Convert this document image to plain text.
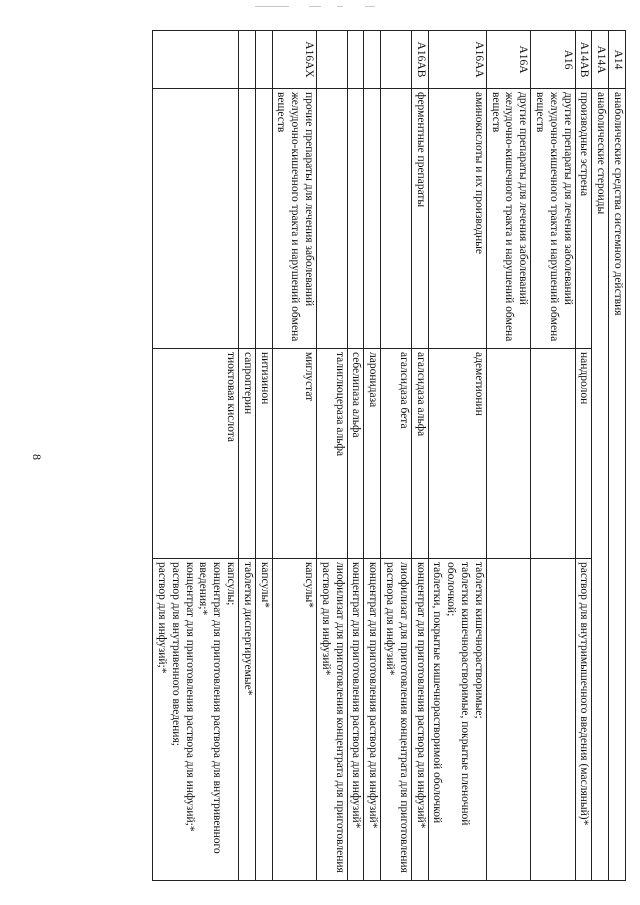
8
A14	анаболические средства системного действия		
A14A	анаболические стероиды		
A14AB	производные эстрена	нандролон	раствор для внутримышечного введения (масляный)*
A16	другие препараты для лечения заболеваний желудочно-кишечного тракта и нарушений обмена веществ		
A16A	другие препараты для лечения заболеваний желудочно-кишечного тракта и нарушений обмена веществ		
A16AA	аминокислоты и их производные	адеметионин	таблетки кишечнорастворимые;
таблетки кишечнорастворимые, покрытые пленочной оболочкой;
таблетки, покрытые кишечнорастворимой оболочкой
A16AB	ферментные препараты	агалсидаза альфа	концентрат для приготовления раствора для инфузий*
		агалсидаза бета	лиофилизат для приготовления концентрата для приготовления раствора для инфузий*
		ларонидаза	концентрат для приготовления раствора для инфузий*
		себелипаза альфа	концентрат для приготовления раствора для инфузий*
		талиглюцераза альфа	лиофилизат для приготовления концентрата для приготовления раствора для инфузий*
A16AX	прочие препараты для лечения заболеваний желудочно-кишечного тракта и нарушений обмена веществ	миглустат	капсулы*
		нитизинон	капсулы*
		сапроптерин	таблетки диспергируемые*
		тиоктовая кислота	капсулы;
концентрат для приготовления раствора для внутривенного введения;*
концентрат для приготовления раствора для инфузий;*
раствор для внутривенного введения;
раствор для инфузий;*
